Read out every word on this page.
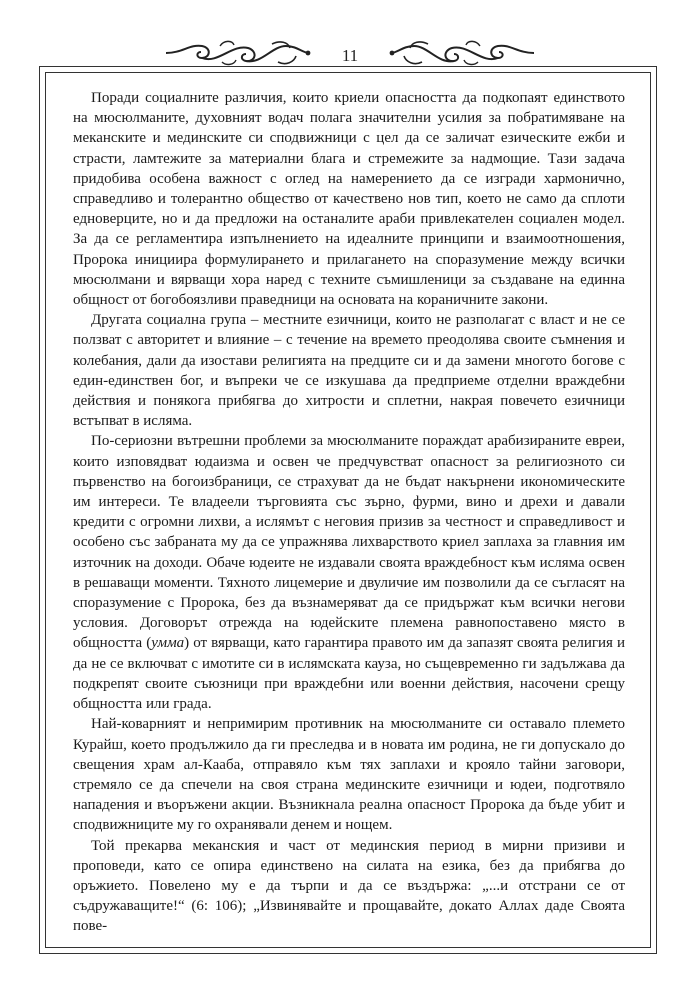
11

Поради социалните различия, които криели опасността да подкопаят единството на мюсюлманите, духовният водач полага значителни усилия за побратимяване на меканските и мединските си сподвижници с цел да се заличат езическите ежби и страсти, ламтежите за материални блага и стремежите за надмощие. Тази задача придобива особена важност с оглед на намерението да се изгради хармонично, справедливо и толерантно общество от качествено нов тип, което не само да сплоти едноверците, но и да предложи на останалите араби привлекателен социален модел. За да се регламентира изпълнението на идеалните принципи и взаимоотношения, Пророка инициира формулирането и прилагането на споразумение между всички мюсюлмани и вярващи хора наред с техните съмишленици за създаване на единна общност от богобоязливи праведници на основата на кораничните закони.

Другата социална група – местните езичници, които не разполагат с власт и не се ползват с авторитет и влияние – с течение на времето преодолява своите съмнения и колебания, дали да изостави религията на предците си и да замени многото богове с един-единствен бог, и въпреки че се изкушава да предприеме отделни враждебни действия и понякога прибягва до хитрости и сплетни, накрая повечето езичници встъпват в исляма.

По-сериозни вътрешни проблеми за мюсюлманите пораждат арабизираните евреи, които изповядват юдаизма и освен че предчувстват опасност за религиозното си първенство на богоизбраници, се страхуват да не бъдат накърнени икономическите им интереси. Те владеели търговията със зърно, фурми, вино и дрехи и давали кредити с огромни лихви, а ислямът с неговия призив за честност и справедливост и особено със забраната му да се упражнява лихварството криел заплаха за главния им източник на доходи. Обаче юдеите не издавали своята враждебност към исляма освен в решаващи моменти. Тяхното лицемерие и двуличие им позволили да се съгласят на споразумение с Пророка, без да възнамеряват да се придържат към всички негови условия. Договорът отрежда на юдейските племена равнопоставено място в общността (умма) от вярващи, като гарантира правото им да запазят своята религия и да не се включват с имотите си в ислямската кауза, но същевременно ги задължава да подкрепят своите съюзници при враждебни или военни действия, насочени срещу общността или града.

Най-коварният и непримирим противник на мюсюлманите си оставало племето Курайш, което продължило да ги преследва и в новата им родина, не ги допускало до свещения храм ал-Кааба, отправяло към тях заплахи и крояло тайни заговори, стремяло се да спечели на своя страна мединските езичници и юдеи, подготвяло нападения и въоръжени акции. Възникнала реална опасност Пророка да бъде убит и сподвижниците му го охранявали денем и нощем.

Той прекарва меканския и част от мединския период в мирни призиви и проповеди, като се опира единствено на силата на езика, без да прибягва до оръжието. Повелено му е да търпи и да се въздържа: „...и отстрани се от съдружаващите!“ (6: 106); „Извинявайте и прощавайте, докато Аллах даде Своята пове-
